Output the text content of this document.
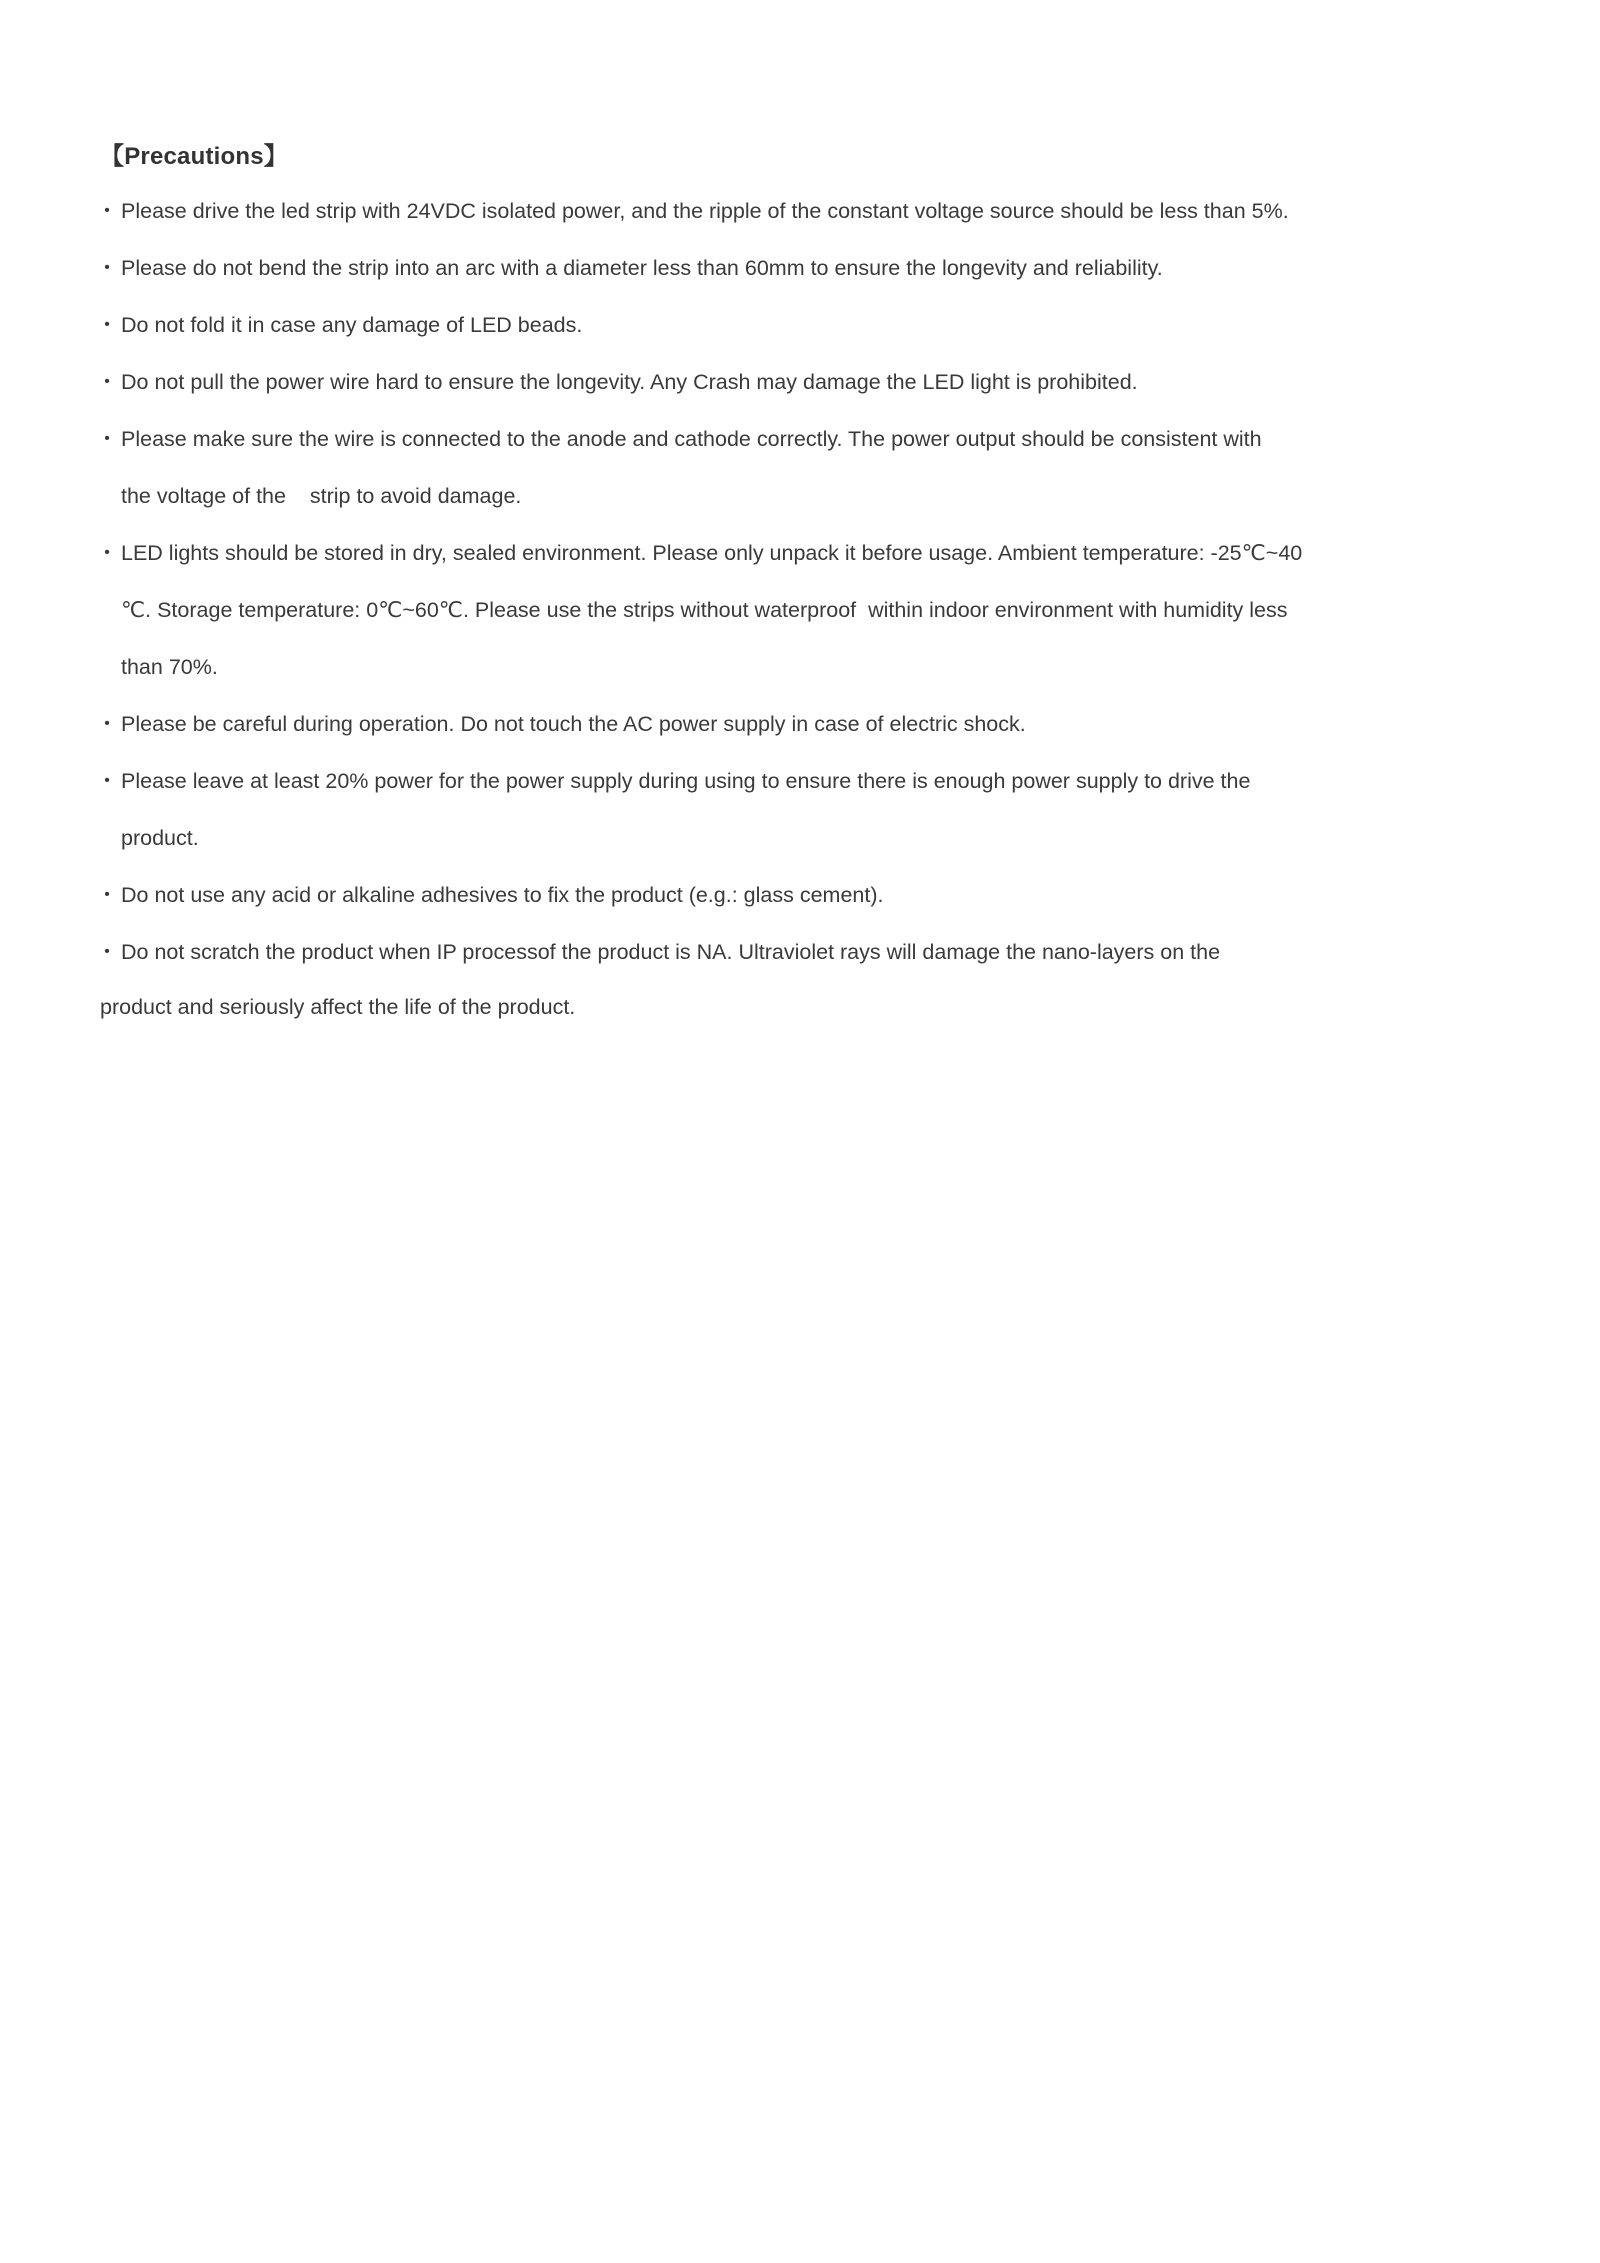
【Precautions】
• Please drive the led strip with 24VDC isolated power, and the ripple of the constant voltage source should be less than 5%.
• Please do not bend the strip into an arc with a diameter less than 60mm to ensure the longevity and reliability.
• Do not fold it in case any damage of LED beads.
• Do not pull the power wire hard to ensure the longevity. Any Crash may damage the LED light is prohibited.
• Please make sure the wire is connected to the anode and cathode correctly. The power output should be consistent with
the voltage of the    strip to avoid damage.
• LED lights should be stored in dry, sealed environment. Please only unpack it before usage. Ambient temperature: -25℃~40
℃. Storage temperature: 0℃~60℃. Please use the strips without waterproof  within indoor environment with humidity less
than 70%.
• Please be careful during operation. Do not touch the AC power supply in case of electric shock.
• Please leave at least 20% power for the power supply during using to ensure there is enough power supply to drive the
product.
• Do not use any acid or alkaline adhesives to fix the product (e.g.: glass cement).
• Do not scratch the product when IP processof the product is NA. Ultraviolet rays will damage the nano-layers on the
product and seriously affect the life of the product.
